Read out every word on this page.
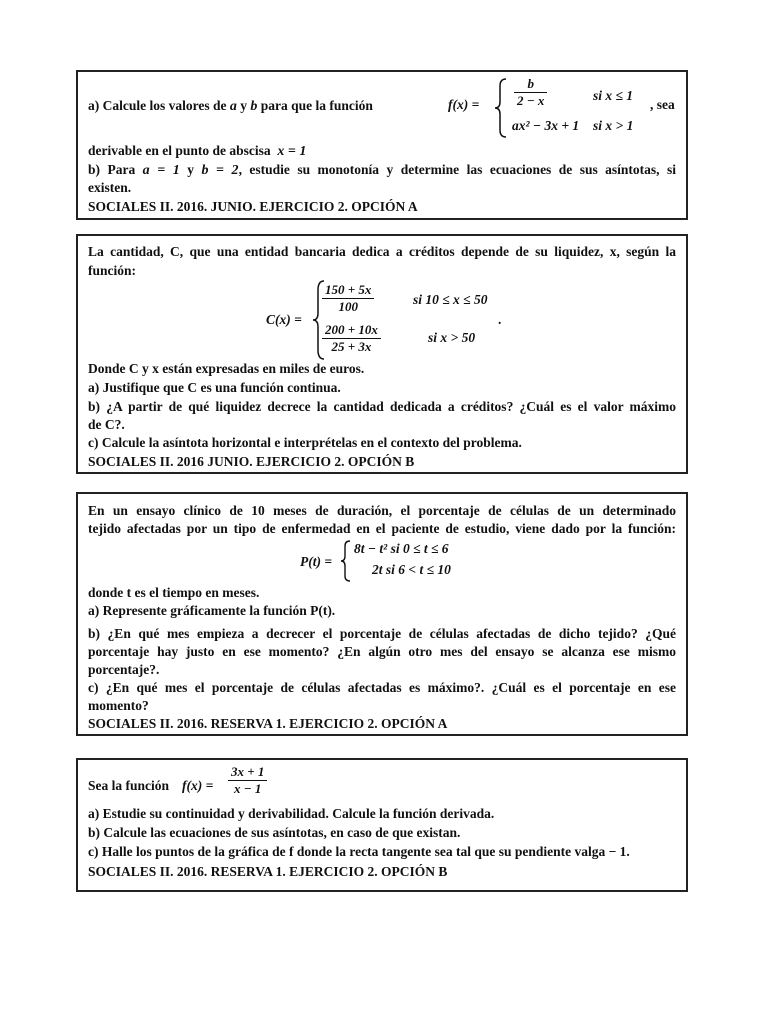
a) Calcule los valores de a y b para que la función	f(x) =	$\frac{b}{2 - x}$	si x ≤ 1
ax² − 3x + 1 si x > 1
, sea
derivable en el punto de abscisa x = 1
b) Para a = 1 y b = 2, estudie su monotonía y determine las ecuaciones de sus asíntotas, si
existen.
SOCIALES II. 2016. JUNIO. EJERCICIO 2. OPCIÓN A
La cantidad, C, que una entidad bancaria dedica a créditos depende de su liquidez, x, según la
función:
C(x) =
$\frac{150 + 5x}{100}$	si 10 ≤ x ≤ 50
$\frac{200 + 10x}{25 + 3x}$	si x > 50
.
Donde C y x están expresadas en miles de euros.
a) Justifique que C es una función continua.
b) ¿A partir de qué liquidez decrece la cantidad dedicada a créditos? ¿Cuál es el valor máximo
de C?.
c) Calcule la asíntota horizontal e interprételas en el contexto del problema.
SOCIALES II. 2016 JUNIO. EJERCICIO 2. OPCIÓN B
En un ensayo clínico de 10 meses de duración, el porcentaje de células de un determinado
tejido afectadas por un tipo de enfermedad en el paciente de estudio, viene dado por la función:
P(t) =
8t − t² si 0 ≤ t ≤ 6
2t si 6 < t ≤ 10
donde t es el tiempo en meses.
a) Represente gráficamente la función P(t).
b) ¿En qué mes empieza a decrecer el porcentaje de células afectadas de dicho tejido? ¿Qué
porcentaje hay justo en ese momento? ¿En algún otro mes del ensayo se alcanza ese mismo
porcentaje?.
c) ¿En qué mes el porcentaje de células afectadas es máximo?. ¿Cuál es el porcentaje en ese
momento?
SOCIALES II. 2016. RESERVA 1. EJERCICIO 2. OPCIÓN A
Sea la función $f(x) = \frac{3x + 1}{x - 1}$
a) Estudie su continuidad y derivabilidad. Calcule la función derivada.
b) Calcule las ecuaciones de sus asíntotas, en caso de que existan.
c) Halle los puntos de la gráfica de f donde la recta tangente sea tal que su pendiente valga − 1.
SOCIALES II. 2016. RESERVA 1. EJERCICIO 2. OPCIÓN B
